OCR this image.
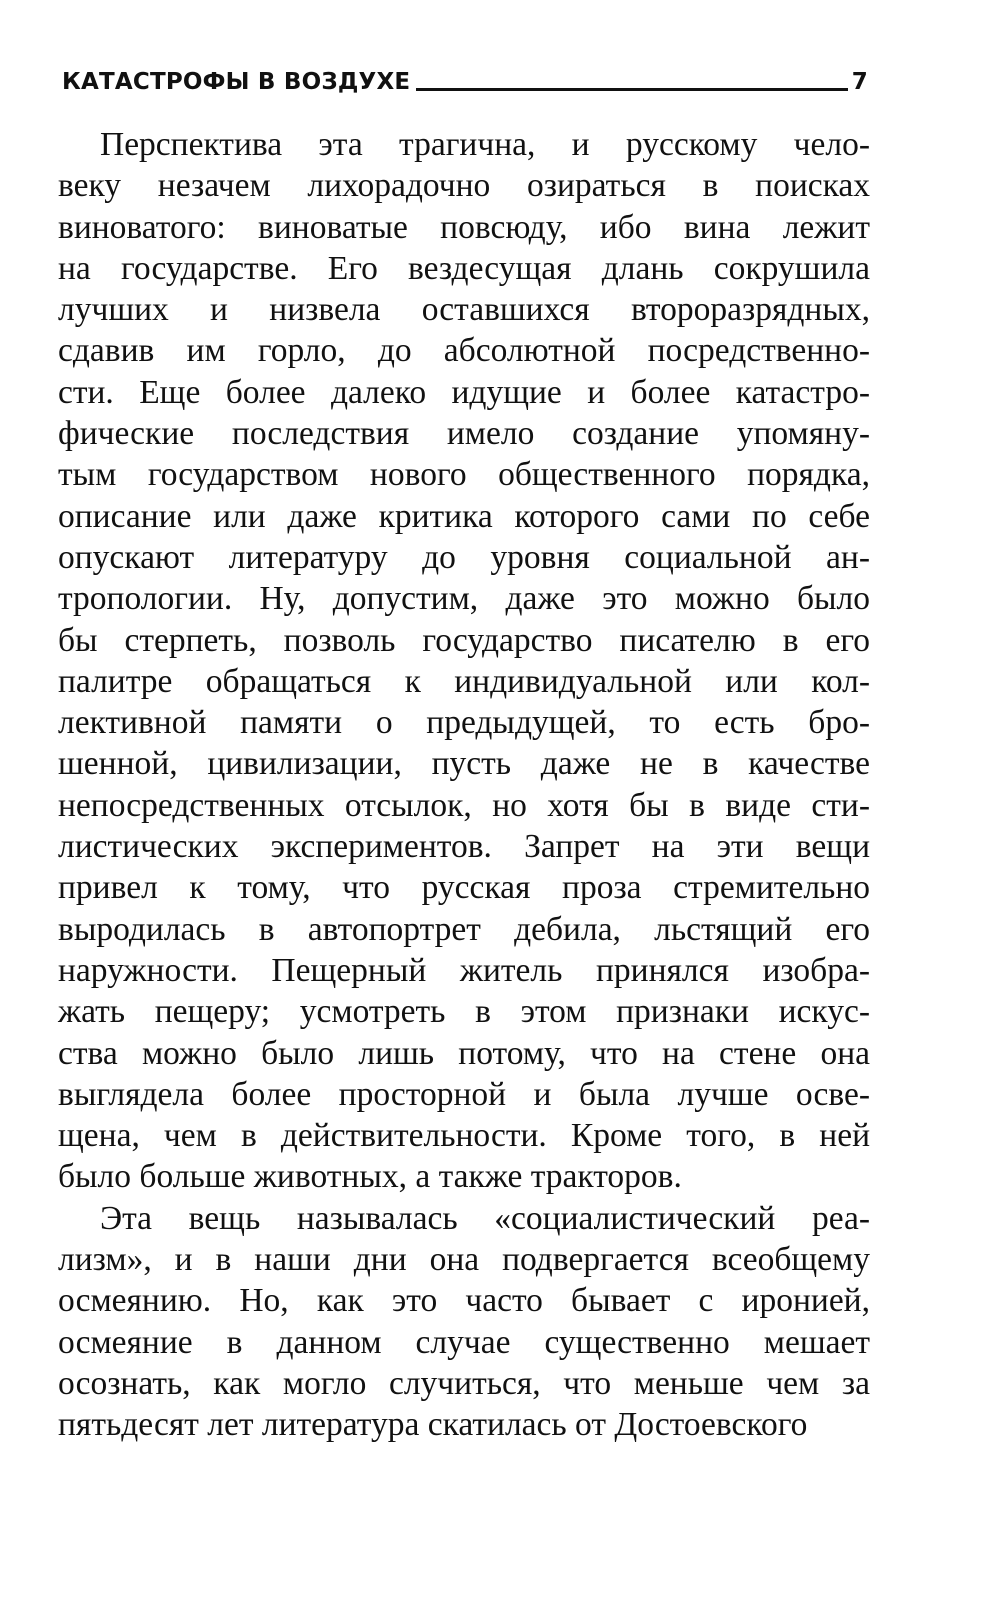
КАТАСТРОФЫ В ВОЗДУХЕ	7
Перспектива эта трагична, и русскому чело-
веку незачем лихорадочно озираться в поисках
виноватого: виноватые повсюду, ибо вина лежит
на государстве. Его вездесущая длань сокрушила
лучших и низвела оставшихся второразрядных,
сдавив им горло, до абсолютной посредственно-
сти. Еще более далеко идущие и более катастро-
фические последствия имело создание упомяну-
тым государством нового общественного порядка,
описание или даже критика которого сами по себе
опускают литературу до уровня социальной ан-
тропологии. Ну, допустим, даже это можно было
бы стерпеть, позволь государство писателю в его
палитре обращаться к индивидуальной или кол-
лективной памяти о предыдущей, то есть бро-
шенной, цивилизации, пусть даже не в качестве
непосредственных отсылок, но хотя бы в виде сти-
листических экспериментов. Запрет на эти вещи
привел к тому, что русская проза стремительно
выродилась в автопортрет дебила, льстящий его
наружности. Пещерный житель принялся изобра-
жать пещеру; усмотреть в этом признаки искус-
ства можно было лишь потому, что на стене она
выглядела более просторной и была лучше осве-
щена, чем в действительности. Кроме того, в ней
было больше животных, а также тракторов.
Эта вещь называлась «социалистический реа-
лизм», и в наши дни она подвергается всеобщему
осмеянию. Но, как это часто бывает с иронией,
осмеяние в данном случае существенно мешает
осознать, как могло случиться, что меньше чем за
пятьдесят лет литература скатилась от Достоевского
